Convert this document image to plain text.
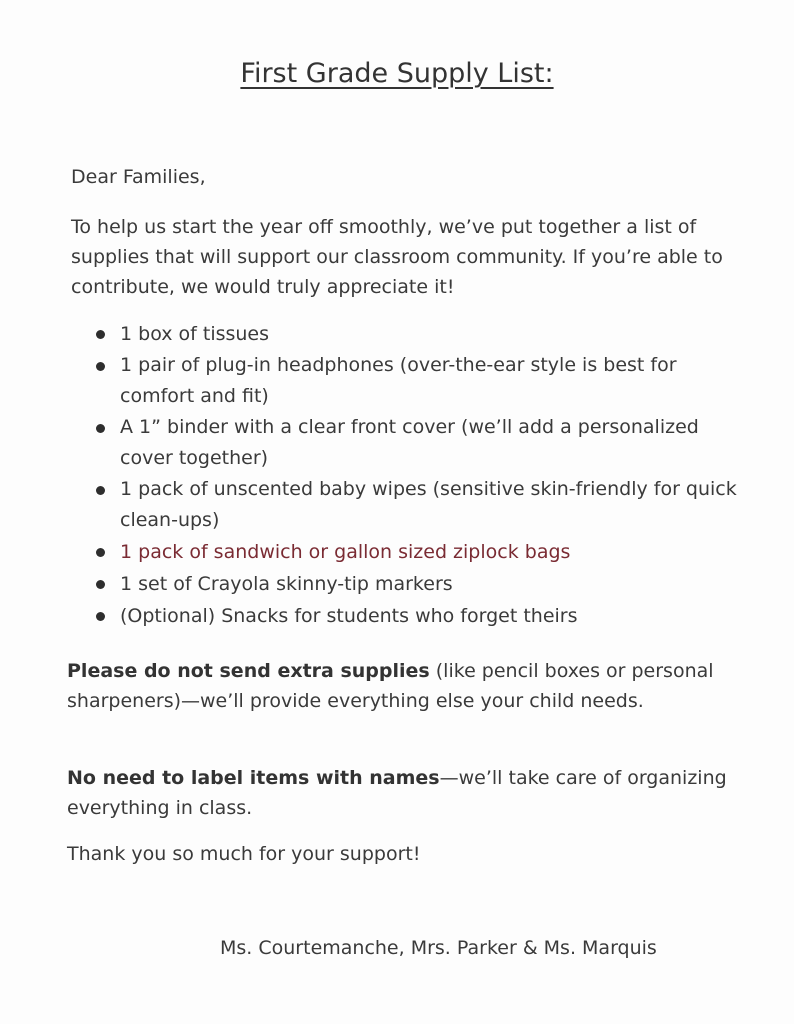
First Grade Supply List:

Dear Families,

To help us start the year off smoothly, we’ve put together a list of supplies that will support our classroom community. If you’re able to contribute, we would truly appreciate it!

1 box of tissues
1 pair of plug-in headphones (over-the-ear style is best for comfort and fit)
A 1” binder with a clear front cover (we’ll add a personalized cover together)
1 pack of unscented baby wipes (sensitive skin-friendly for quick clean-ups)
1 pack of sandwich or gallon sized ziplock bags
1 set of Crayola skinny-tip markers
(Optional) Snacks for students who forget theirs

Please do not send extra supplies (like pencil boxes or personal sharpeners)—we’ll provide everything else your child needs.

No need to label items with names—we’ll take care of organizing everything in class.

Thank you so much for your support!

Ms. Courtemanche, Mrs. Parker & Ms. Marquis
